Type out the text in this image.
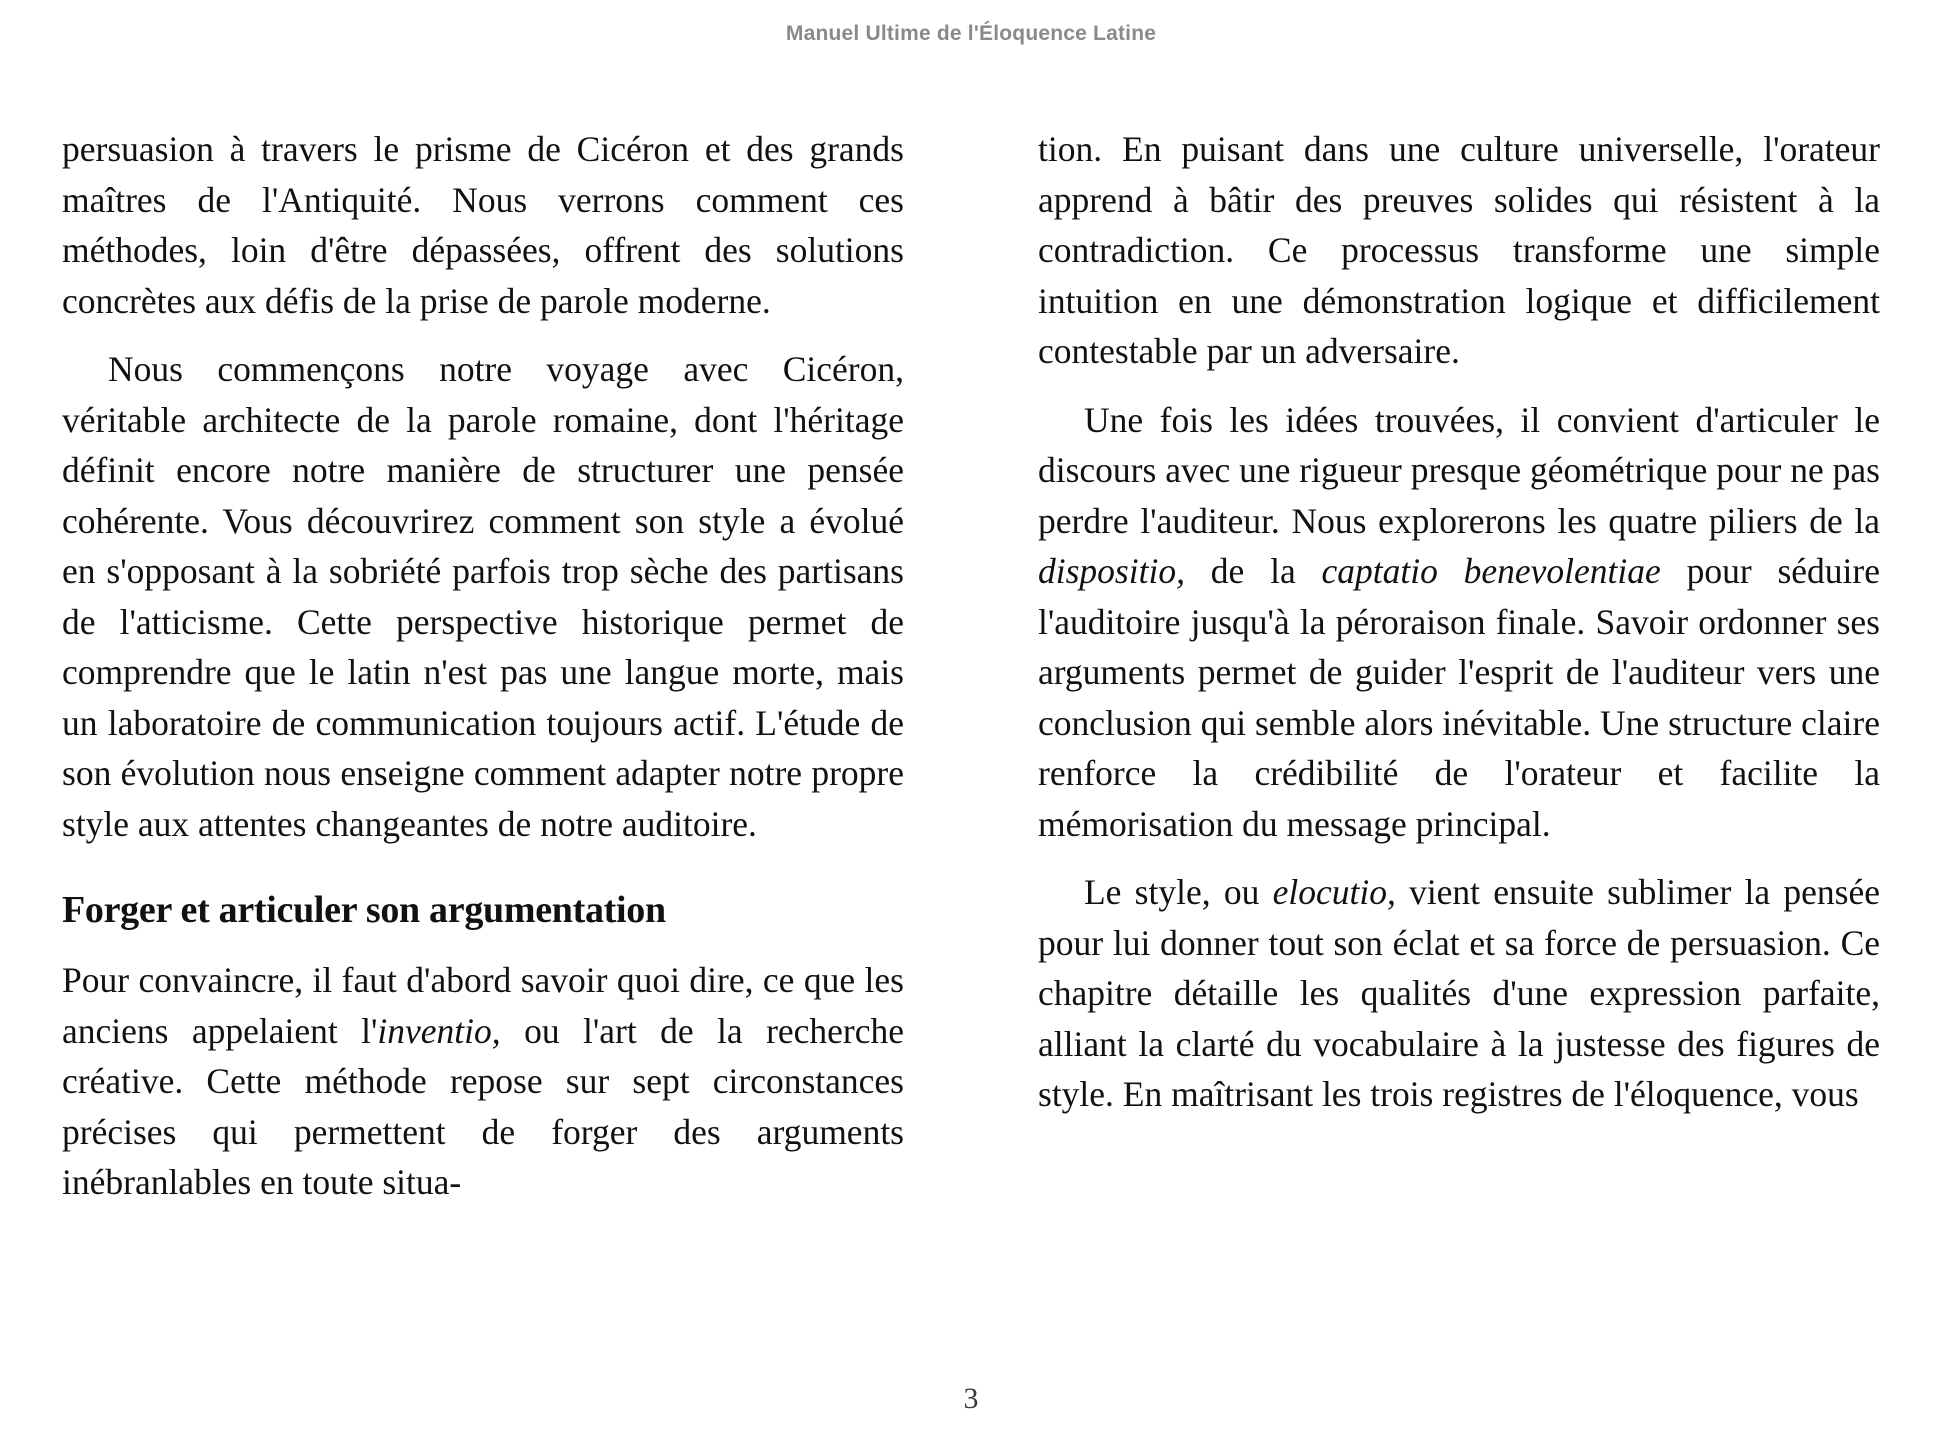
Manuel Ultime de l'Éloquence Latine

persuasion à travers le prisme de Cicéron et des grands maîtres de l'Antiquité. Nous verrons comment ces méthodes, loin d'être dépassées, offrent des solutions concrètes aux défis de la prise de parole moderne.

Nous commençons notre voyage avec Cicéron, véritable architecte de la parole romaine, dont l'héritage définit encore notre manière de structurer une pensée cohérente. Vous découvrirez comment son style a évolué en s'opposant à la sobriété parfois trop sèche des partisans de l'atticisme. Cette perspective historique permet de comprendre que le latin n'est pas une langue morte, mais un laboratoire de communication toujours actif. L'étude de son évolution nous enseigne comment adapter notre propre style aux attentes changeantes de notre auditoire.

Forger et articuler son argumentation

Pour convaincre, il faut d'abord savoir quoi dire, ce que les anciens appelaient l'inventio, ou l'art de la recherche créative. Cette méthode repose sur sept circonstances précises qui permettent de forger des arguments inébranlables en toute situa-

tion. En puisant dans une culture universelle, l'orateur apprend à bâtir des preuves solides qui résistent à la contradiction. Ce processus transforme une simple intuition en une démonstration logique et difficilement contestable par un adversaire.

Une fois les idées trouvées, il convient d'articuler le discours avec une rigueur presque géométrique pour ne pas perdre l'auditeur. Nous explorerons les quatre piliers de la dispositio, de la captatio benevolentiae pour séduire l'auditoire jusqu'à la péroraison finale. Savoir ordonner ses arguments permet de guider l'esprit de l'auditeur vers une conclusion qui semble alors inévitable. Une structure claire renforce la crédibilité de l'orateur et facilite la mémorisation du message principal.

Le style, ou elocutio, vient ensuite sublimer la pensée pour lui donner tout son éclat et sa force de persuasion. Ce chapitre détaille les qualités d'une expression parfaite, alliant la clarté du vocabulaire à la justesse des figures de style. En maîtrisant les trois registres de l'éloquence, vous

3
